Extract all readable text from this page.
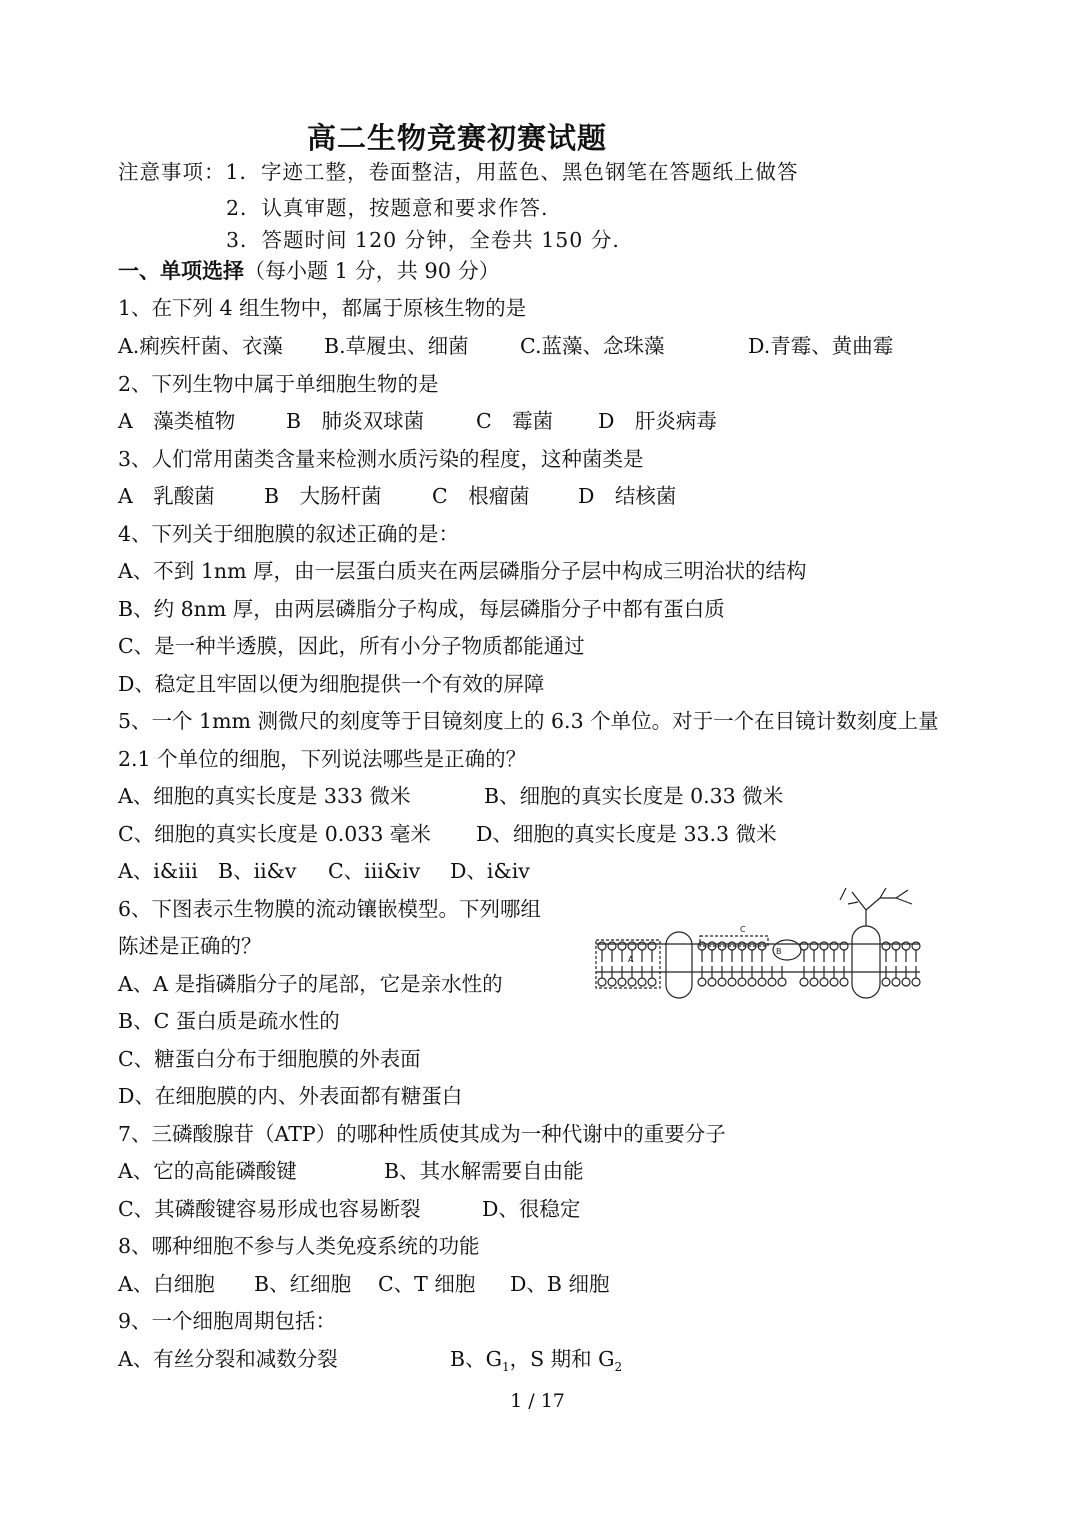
高二生物竞赛初赛试题
注意事项：1．字迹工整，卷面整洁，用蓝色、黑色钢笔在答题纸上做答
2．认真审题，按题意和要求作答.
3．答题时间 120 分钟，全卷共 150 分.
一、单项选择（每小题 1 分，共 90 分）
1、在下列 4 组生物中，都属于原核生物的是
A.痢疾杆菌、衣藻 B.草履虫、细菌	C.蓝藻、念珠藻	D.青霉、黄曲霉
2、下列生物中属于单细胞生物的是
A　藻类植物 B　肺炎双球菌	C　霉菌 D　肝炎病毒
3、人们常用菌类含量来检测水质污染的程度，这种菌类是
A　乳酸菌 B　大肠杆菌 C　根瘤菌 D　结核菌
4、下列关于细胞膜的叙述正确的是：
A、不到 1nm 厚，由一层蛋白质夹在两层磷脂分子层中构成三明治状的结构
B、约 8nm 厚，由两层磷脂分子构成，每层磷脂分子中都有蛋白质
C、是一种半透膜，因此，所有小分子物质都能通过
D、稳定且牢固以便为细胞提供一个有效的屏障
5、一个 1mm 测微尺的刻度等于目镜刻度上的 6.3 个单位。对于一个在目镜计数刻度上量
2.1 个单位的细胞，下列说法哪些是正确的？
A、细胞的真实长度是 333 微米	B、细胞的真实长度是 0.33 微米
C、细胞的真实长度是 0.033 毫米 D、细胞的真实长度是 33.3 微米
A、i&iii B、ii&v C、iii&iv D、i&iv
6、下图表示生物膜的流动镶嵌模型。下列哪组
陈述是正确的？
A、A 是指磷脂分子的尾部，它是亲水性的
B、C 蛋白质是疏水性的
C、糖蛋白分布于细胞膜的外表面
D、在细胞膜的内、外表面都有糖蛋白
A
B
C
7、三磷酸腺苷（ATP）的哪种性质使其成为一种代谢中的重要分子
A、它的高能磷酸键	B、其水解需要自由能
C、其磷酸键容易形成也容易断裂	D、很稳定
8、哪种细胞不参与人类免疫系统的功能
A、白细胞 B、红细胞 C、T 细胞 D、B 细胞
9、一个细胞周期包括：
A、有丝分裂和减数分裂	B、$G_1$，S 期和 $G_2$
1 / 17
